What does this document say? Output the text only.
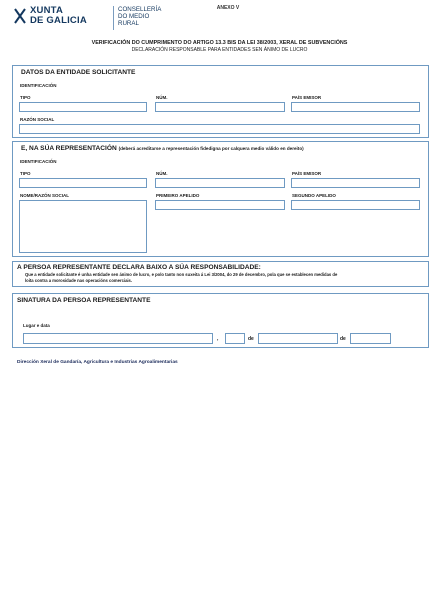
XUNTA
DE GALICIA
CONSELLERÍA
DO MEDIO
RURAL
ANEXO V
VERIFICACIÓN DO CUMPRIMENTO DO ARTIGO 13.3 BIS DA LEI 38/2003, XERAL DE SUBVENCIÓNS
DECLARACIÓN RESPONSABLE PARA ENTIDADES SEN ÁNIMO DE LUCRO
DATOS DA ENTIDADE SOLICITANTE
IDENTIFICACIÓN
TIPO	NÚM.	PAÍS EMISOR
RAZÓN SOCIAL
E, NA SÚA REPRESENTACIÓN (deberá acreditarse a representación fidedigna por calquera medio válido en dereito)
IDENTIFICACIÓN
TIPO	NÚM.	PAÍS EMISOR
NOME/RAZÓN SOCIAL	PRIMEIRO APELIDO	SEGUNDO APELIDO
A PERSOA REPRESENTANTE DECLARA BAIXO A SÚA RESPONSABILIDADE:
Que a entidade solicitante é unha entidade sen ánimo de lucro, e polo tanto non suxeita á Lei 3/2004, do 29 de decembro, pola que se establecen medidas de
loita contra a morosidade nas operacións comerciais.
SINATURA DA PERSOA REPRESENTANTE
Lugar e data
,	de	de
Dirección Xeral de Gandaría, Agricultura e Industrias Agroalimentarias
